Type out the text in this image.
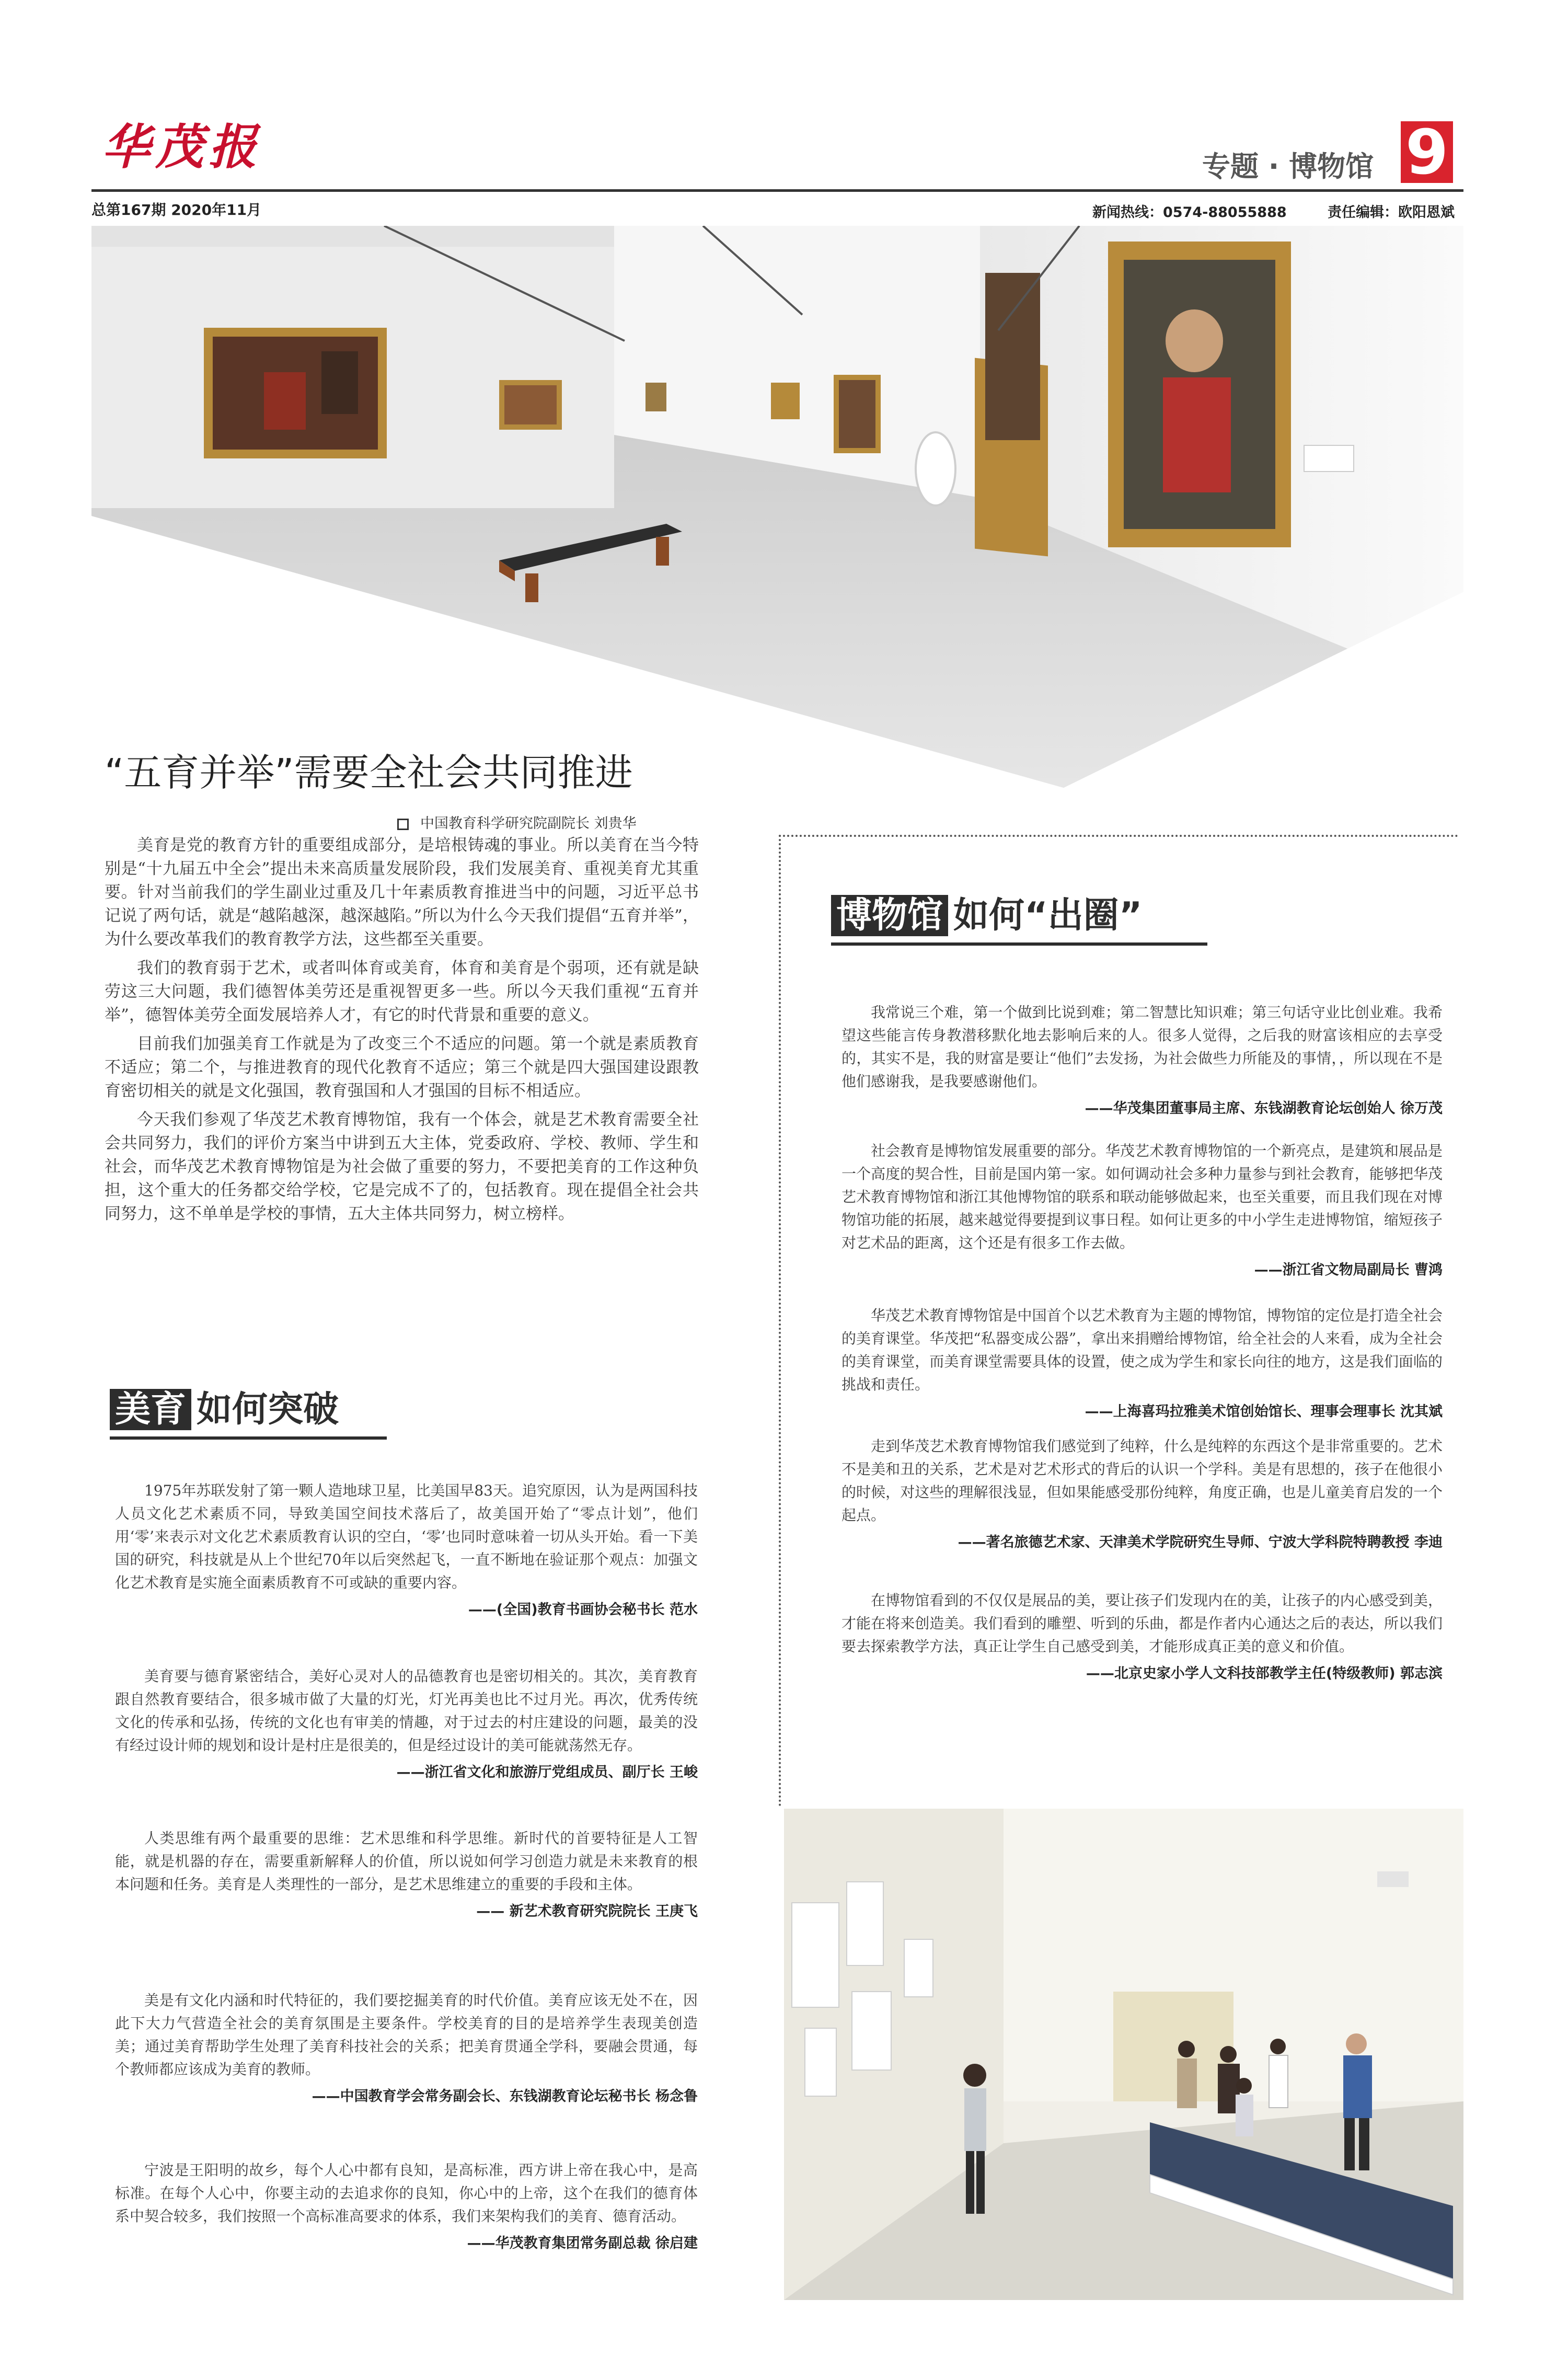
华茂报	专题 · 博物馆 9
总第167期 2020年11月	新闻热线：0574-88055888	责任编辑：欧阳恩斌
“五育并举”需要全社会共同推进
中国教育科学研究院副院长 刘贵华

美育是党的教育方针的重要组成部分，是培根铸魂的事业。所以美育在当今特别是“十九届五中全会”提出未来高质量发展阶段，我们发展美育、重视美育尤其重要。针对当前我们的学生副业过重及几十年素质教育推进当中的问题，习近平总书记说了两句话，就是“越陷越深，越深越陷。”所以为什么今天我们提倡“五育并举”，为什么要改革我们的教育教学方法，这些都至关重要。

我们的教育弱于艺术，或者叫体育或美育，体育和美育是个弱项，还有就是缺劳这三大问题，我们德智体美劳还是重视智更多一些。所以今天我们重视“五育并举”，德智体美劳全面发展培养人才，有它的时代背景和重要的意义。

目前我们加强美育工作就是为了改变三个不适应的问题。第一个就是素质教育不适应；第二个，与推进教育的现代化教育不适应；第三个就是四大强国建设跟教育密切相关的就是文化强国，教育强国和人才强国的目标不相适应。

今天我们参观了华茂艺术教育博物馆，我有一个体会，就是艺术教育需要全社会共同努力，我们的评价方案当中讲到五大主体，党委政府、学校、教师、学生和社会，而华茂艺术教育博物馆是为社会做了重要的努力，不要把美育的工作这种负担，这个重大的任务都交给学校，它是完成不了的，包括教育。现在提倡全社会共同努力，这不单单是学校的事情，五大主体共同努力，树立榜样。

美育 如何突破

1975年苏联发射了第一颗人造地球卫星，比美国早83天。追究原因，认为是两国科技人员文化艺术素质不同，导致美国空间技术落后了，故美国开始了“零点计划”，他们用‘零’来表示对文化艺术素质教育认识的空白，‘零’也同时意味着一切从头开始。看一下美国的研究，科技就是从上个世纪70年以后突然起飞，一直不断地在验证那个观点：加强文化艺术教育是实施全面素质教育不可或缺的重要内容。

——(全国)教育书画协会秘书长 范水

美育要与德育紧密结合，美好心灵对人的品德教育也是密切相关的。其次，美育教育跟自然教育要结合，很多城市做了大量的灯光，灯光再美也比不过月光。再次，优秀传统文化的传承和弘扬，传统的文化也有审美的情趣，对于过去的村庄建设的问题，最美的没有经过设计师的规划和设计是村庄是很美的，但是经过设计的美可能就荡然无存。

——浙江省文化和旅游厅党组成员、副厅长 王峻

人类思维有两个最重要的思维：艺术思维和科学思维。新时代的首要特征是人工智能，就是机器的存在，需要重新解释人的价值，所以说如何学习创造力就是未来教育的根本问题和任务。美育是人类理性的一部分，是艺术思维建立的重要的手段和主体。

—— 新艺术教育研究院院长 王庚飞

美是有文化内涵和时代特征的，我们要挖掘美育的时代价值。美育应该无处不在，因此下大力气营造全社会的美育氛围是主要条件。学校美育的目的是培养学生表现美创造美；通过美育帮助学生处理了美育科技社会的关系；把美育贯通全学科，要融会贯通，每个教师都应该成为美育的教师。

——中国教育学会常务副会长、东钱湖教育论坛秘书长 杨念鲁

宁波是王阳明的故乡，每个人心中都有良知，是高标准，西方讲上帝在我心中，是高标准。在每个人心中，你要主动的去追求你的良知，你心中的上帝，这个在我们的德育体系中契合较多，我们按照一个高标准高要求的体系，我们来架构我们的美育、德育活动。

——华茂教育集团常务副总裁 徐启建
博物馆 如何“出圈”

我常说三个难，第一个做到比说到难；第二智慧比知识难；第三句话守业比创业难。我希望这些能言传身教潜移默化地去影响后来的人。很多人觉得，之后我的财富该相应的去享受的，其实不是，我的财富是要让“他们”去发扬，为社会做些力所能及的事情，，所以现在不是他们感谢我，是我要感谢他们。

——华茂集团董事局主席、东钱湖教育论坛创始人 徐万茂

社会教育是博物馆发展重要的部分。华茂艺术教育博物馆的一个新亮点，是建筑和展品是一个高度的契合性，目前是国内第一家。如何调动社会多种力量参与到社会教育，能够把华茂艺术教育博物馆和浙江其他博物馆的联系和联动能够做起来，也至关重要，而且我们现在对博物馆功能的拓展，越来越觉得要提到议事日程。如何让更多的中小学生走进博物馆，缩短孩子对艺术品的距离，这个还是有很多工作去做。

——浙江省文物局副局长 曹鸿

华茂艺术教育博物馆是中国首个以艺术教育为主题的博物馆，博物馆的定位是打造全社会的美育课堂。华茂把“私器变成公器”，拿出来捐赠给博物馆，给全社会的人来看，成为全社会的美育课堂，而美育课堂需要具体的设置，使之成为学生和家长向往的地方，这是我们面临的挑战和责任。

——上海喜玛拉雅美术馆创始馆长、理事会理事长 沈其斌

走到华茂艺术教育博物馆我们感觉到了纯粹，什么是纯粹的东西这个是非常重要的。艺术不是美和丑的关系，艺术是对艺术形式的背后的认识一个学科。美是有思想的，孩子在他很小的时候，对这些的理解很浅显，但如果能感受那份纯粹，角度正确，也是儿童美育启发的一个起点。

——著名旅德艺术家、天津美术学院研究生导师、宁波大学科院特聘教授 李迪

在博物馆看到的不仅仅是展品的美，要让孩子们发现内在的美，让孩子的内心感受到美，才能在将来创造美。我们看到的雕塑、听到的乐曲，都是作者内心通达之后的表达，所以我们要去探索教学方法，真正让学生自己感受到美，才能形成真正美的意义和价值。

——北京史家小学人文科技部教学主任(特级教师) 郭志滨
